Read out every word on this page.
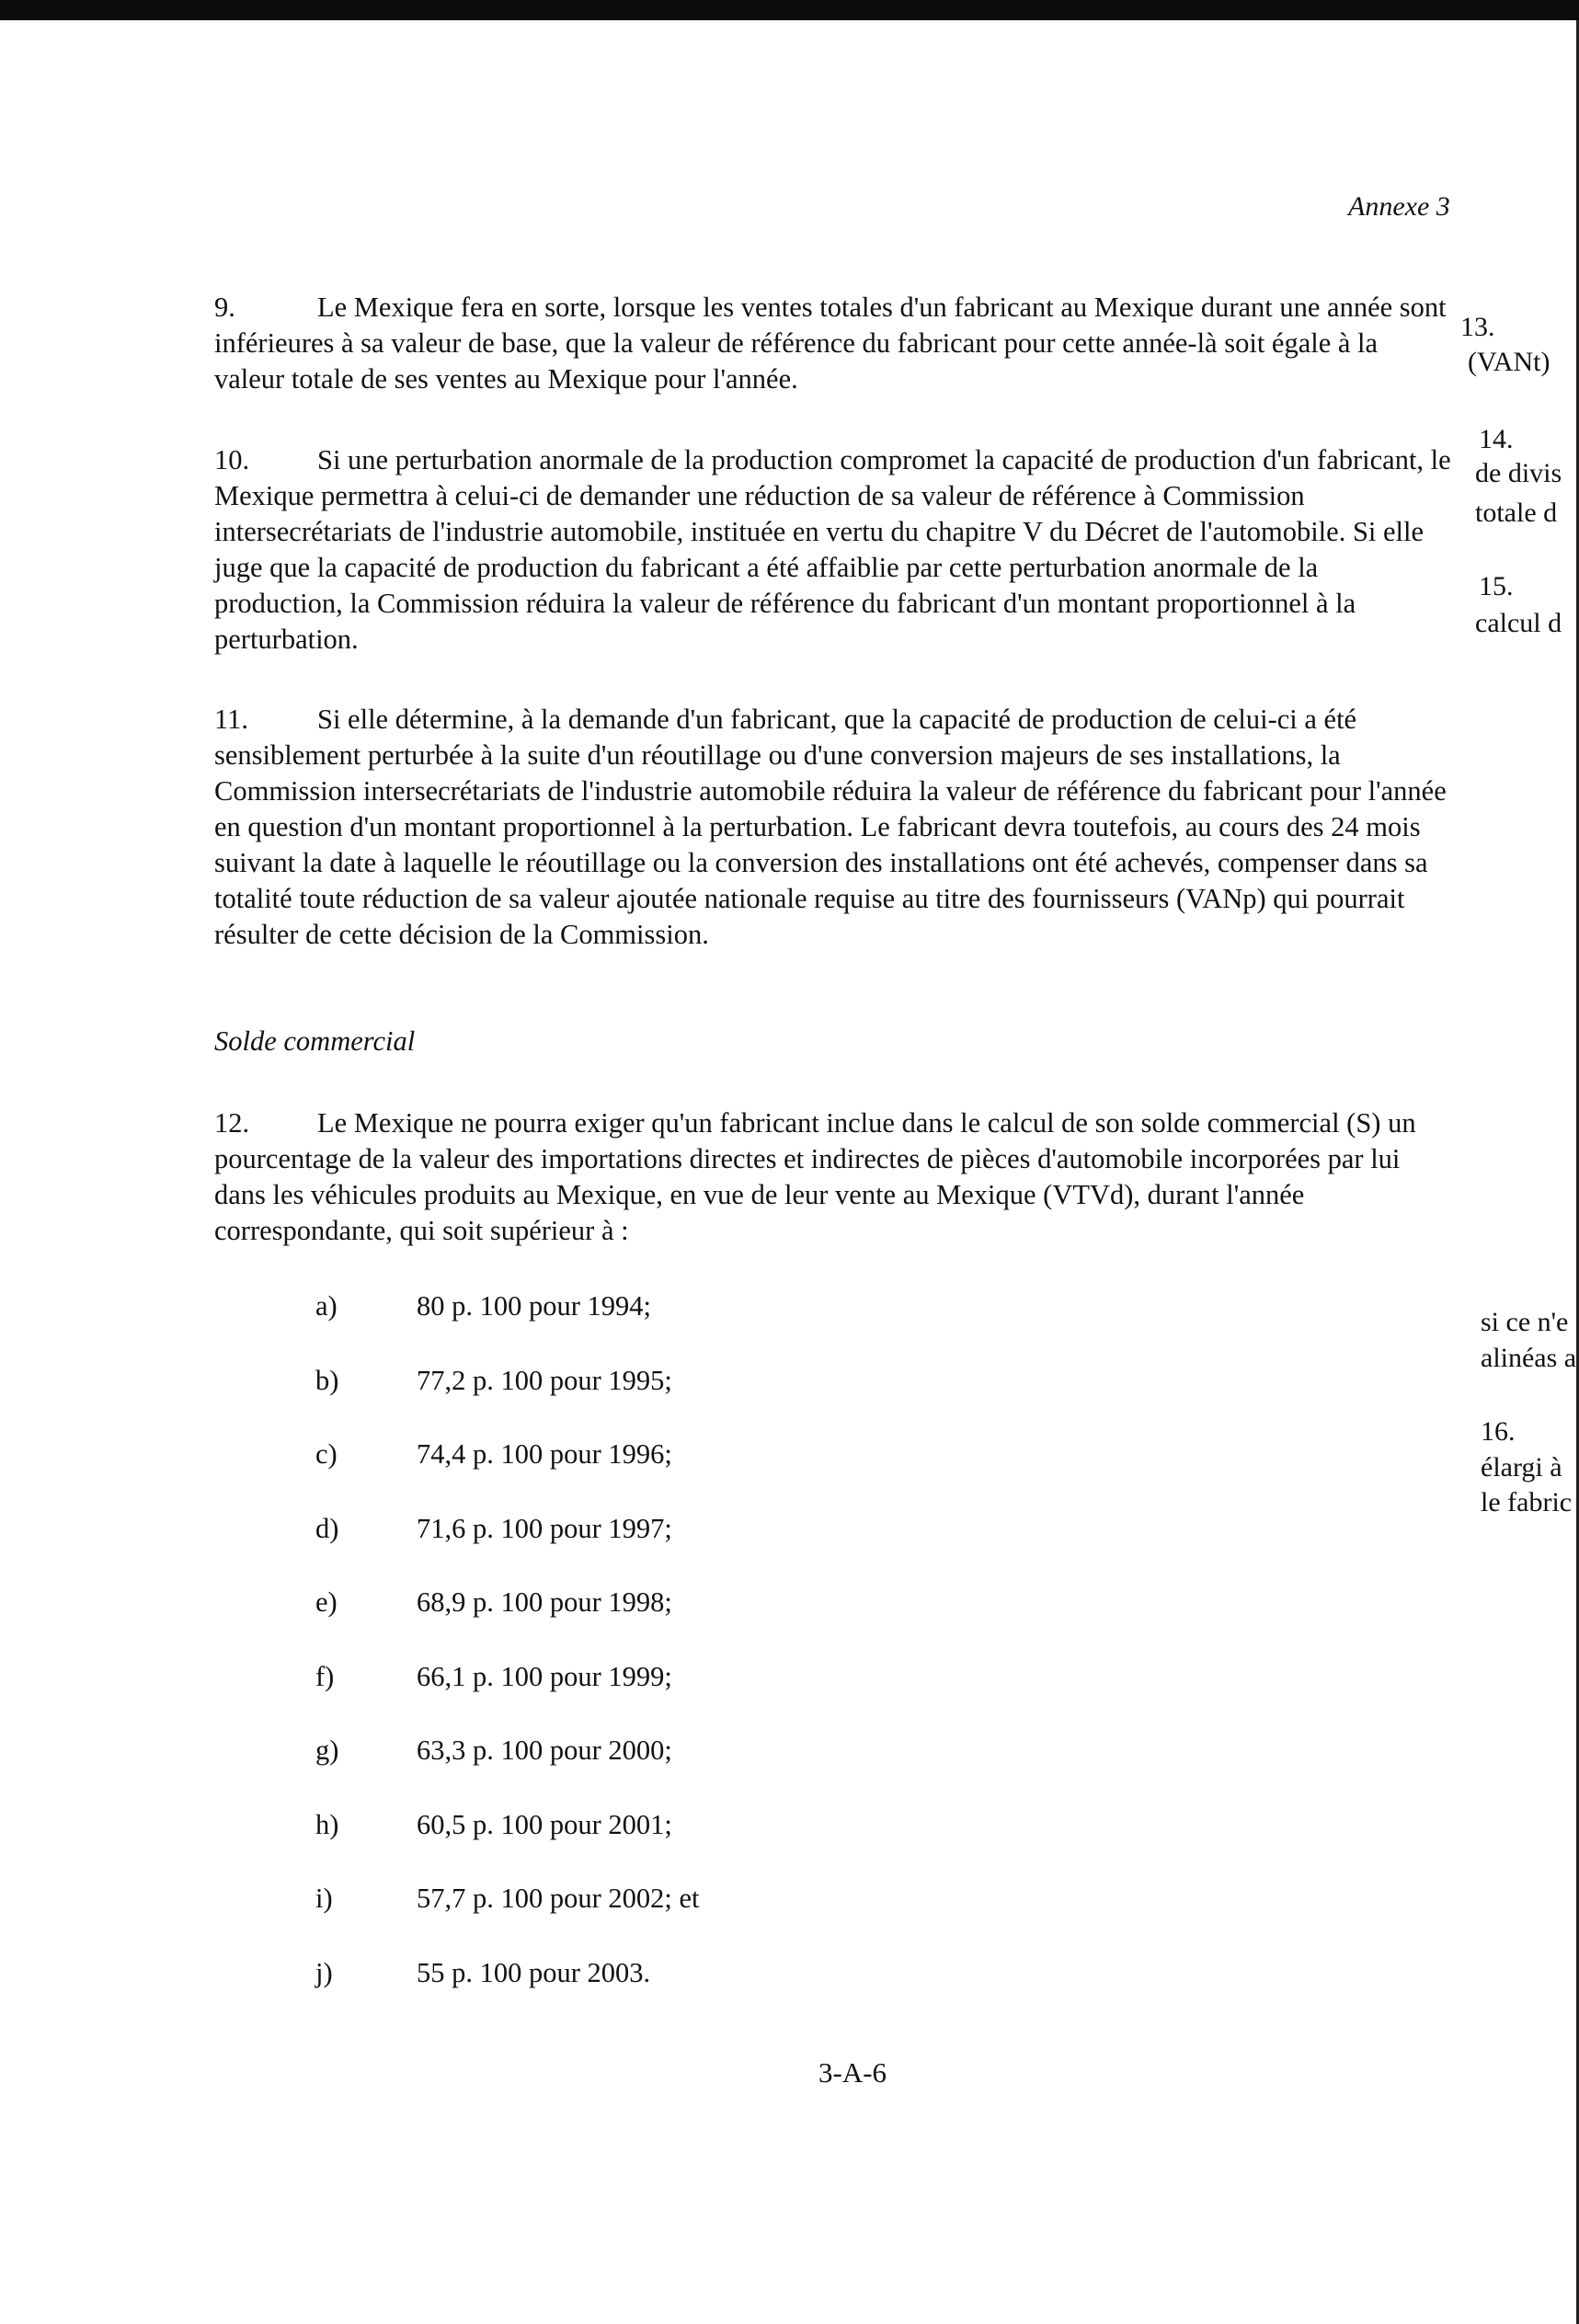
Annexe 3

9.	Le Mexique fera en sorte, lorsque les ventes totales d'un fabricant au Mexique durant une année sont inférieures à sa valeur de base, que la valeur de référence du fabricant pour cette année-là soit égale à la valeur totale de ses ventes au Mexique pour l'année.

10. Si une perturbation anormale de la production compromet la capacité de production d'un fabricant, le Mexique permettra à celui-ci de demander une réduction de sa valeur de référence à Commission intersecrétariats de l'industrie automobile, instituée en vertu du chapitre V du Décret de l'automobile. Si elle juge que la capacité de production du fabricant a été affaiblie par cette perturbation anormale de la production, la Commission réduira la valeur de référence du fabricant d'un montant proportionnel à la perturbation.

11. Si elle détermine, à la demande d'un fabricant, que la capacité de production de celui-ci a été sensiblement perturbée à la suite d'un réoutillage ou d'une conversion majeurs de ses installations, la Commission intersecrétariats de l'industrie automobile réduira la valeur de référence du fabricant pour l'année en question d'un montant proportionnel à la perturbation. Le fabricant devra toutefois, au cours des 24 mois suivant la date à laquelle le réoutillage ou la conversion des installations ont été achevés, compenser dans sa totalité toute réduction de sa valeur ajoutée nationale requise au titre des fournisseurs (VANp) qui pourrait résulter de cette décision de la Commission.

Solde commercial

12. Le Mexique ne pourra exiger qu'un fabricant inclue dans le calcul de son solde commercial (S) un pourcentage de la valeur des importations directes et indirectes de pièces d'automobile incorporées par lui dans les véhicules produits au Mexique, en vue de leur vente au Mexique (VTVd), durant l'année correspondante, qui soit supérieur à :

a)	80 p. 100 pour 1994;
b)	77,2 p. 100 pour 1995;
c)	74,4 p. 100 pour 1996;
d)	71,6 p. 100 pour 1997;
e)	68,9 p. 100 pour 1998;
f)	66,1 p. 100 pour 1999;
g)	63,3 p. 100 pour 2000;
h)	60,5 p. 100 pour 2001;
i)	57,7 p. 100 pour 2002; et
j)	55 p. 100 pour 2003.
3-A-6
13.
(VANt)
14.
de divis
totale d
15.
calcul d
si ce n'e
alinéas a
16.
élargi à
le fabric
